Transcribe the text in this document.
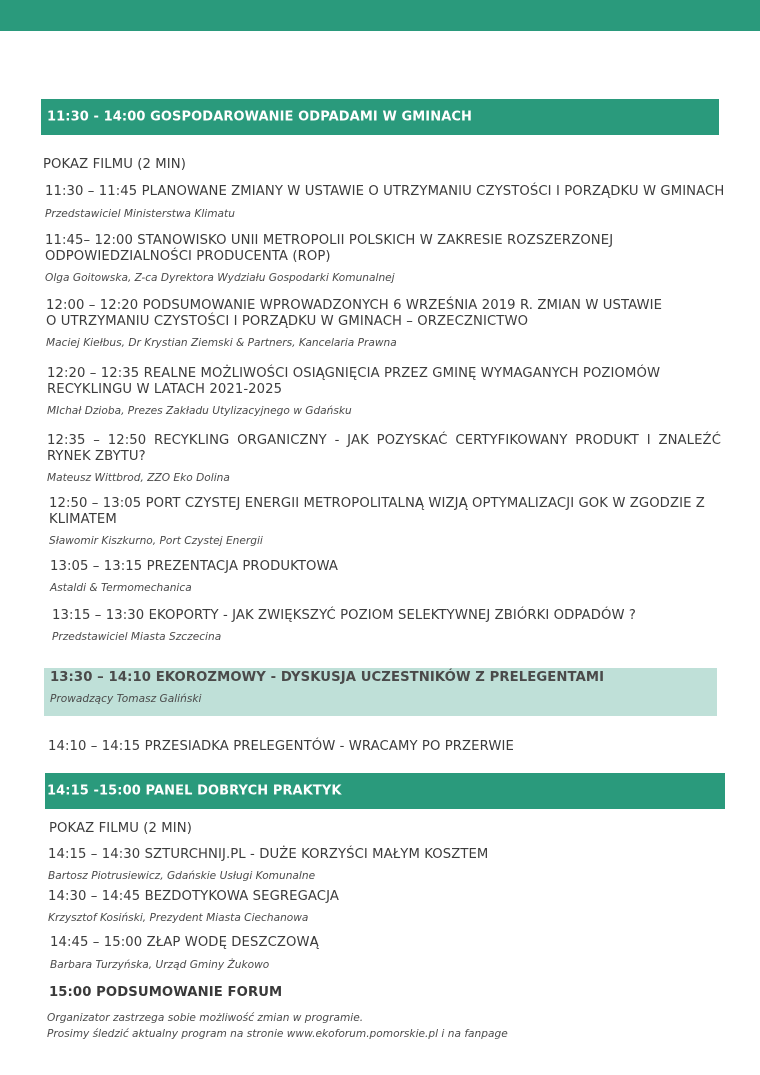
11:30 - 14:00 GOSPODAROWANIE ODPADAMI W GMINACH
POKAZ FILMU (2 MIN)
11:30 – 11:45 PLANOWANE ZMIANY W USTAWIE O UTRZYMANIU CZYSTOŚCI I PORZĄDKU W GMINACH
Przedstawiciel Ministerstwa Klimatu
11:45– 12:00 STANOWISKO UNII METROPOLII POLSKICH W ZAKRESIE ROZSZERZONEJ ODPOWIEDZIALNOŚCI PRODUCENTA (ROP)
Olga Goitowska, Z-ca Dyrektora Wydziału Gospodarki Komunalnej
12:00 – 12:20 PODSUMOWANIE WPROWADZONYCH 6 WRZEŚNIA 2019 R. ZMIAN W USTAWIE O UTRZYMANIU CZYSTOŚCI I PORZĄDKU W GMINACH – ORZECZNICTWO
Maciej Kiełbus, Dr Krystian Ziemski & Partners, Kancelaria Prawna
12:20 – 12:35 REALNE MOŻLIWOŚCI OSIĄGNIĘCIA PRZEZ GMINĘ WYMAGANYCH POZIOMÓW RECYKLINGU W LATACH 2021-2025
MIchał Dzioba, Prezes Zakładu Utylizacyjnego w Gdańsku
12:35 – 12:50 RECYKLING ORGANICZNY - JAK POZYSKAĆ CERTYFIKOWANY PRODUKT I ZNALEŹĆ RYNEK ZBYTU?
Mateusz Wittbrod, ZZO Eko Dolina
12:50 – 13:05 PORT CZYSTEJ ENERGII METROPOLITALNĄ WIZJĄ OPTYMALIZACJI GOK W ZGODZIE Z KLIMATEM
Sławomir Kiszkurno, Port Czystej Energii
13:05 – 13:15 PREZENTACJA PRODUKTOWA
Astaldi & Termomechanica
13:15 – 13:30 EKOPORTY - JAK ZWIĘKSZYĆ POZIOM SELEKTYWNEJ ZBIÓRKI ODPADÓW ?
Przedstawiciel Miasta Szczecina
13:30 – 14:10 EKOROZMOWY - DYSKUSJA UCZESTNIKÓW Z PRELEGENTAMI
Prowadzący Tomasz Galiński
14:10 – 14:15 PRZESIADKA PRELEGENTÓW - WRACAMY PO PRZERWIE
14:15 -15:00 PANEL DOBRYCH PRAKTYK
POKAZ FILMU (2 MIN)
14:15 – 14:30 SZTURCHNIJ.PL - DUŻE KORZYŚCI MAŁYM KOSZTEM
Bartosz Piotrusiewicz, Gdańskie Usługi Komunalne
14:30 – 14:45 BEZDOTYKOWA SEGREGACJA
Krzysztof Kosiński, Prezydent Miasta Ciechanowa
14:45 – 15:00 ZŁAP WODĘ DESZCZOWĄ
Barbara Turzyńska, Urząd Gminy Żukowo
15:00 PODSUMOWANIE FORUM
Organizator zastrzega sobie możliwość zmian w programie.
Prosimy śledzić aktualny program na stronie www.ekoforum.pomorskie.pl i na fanpage
